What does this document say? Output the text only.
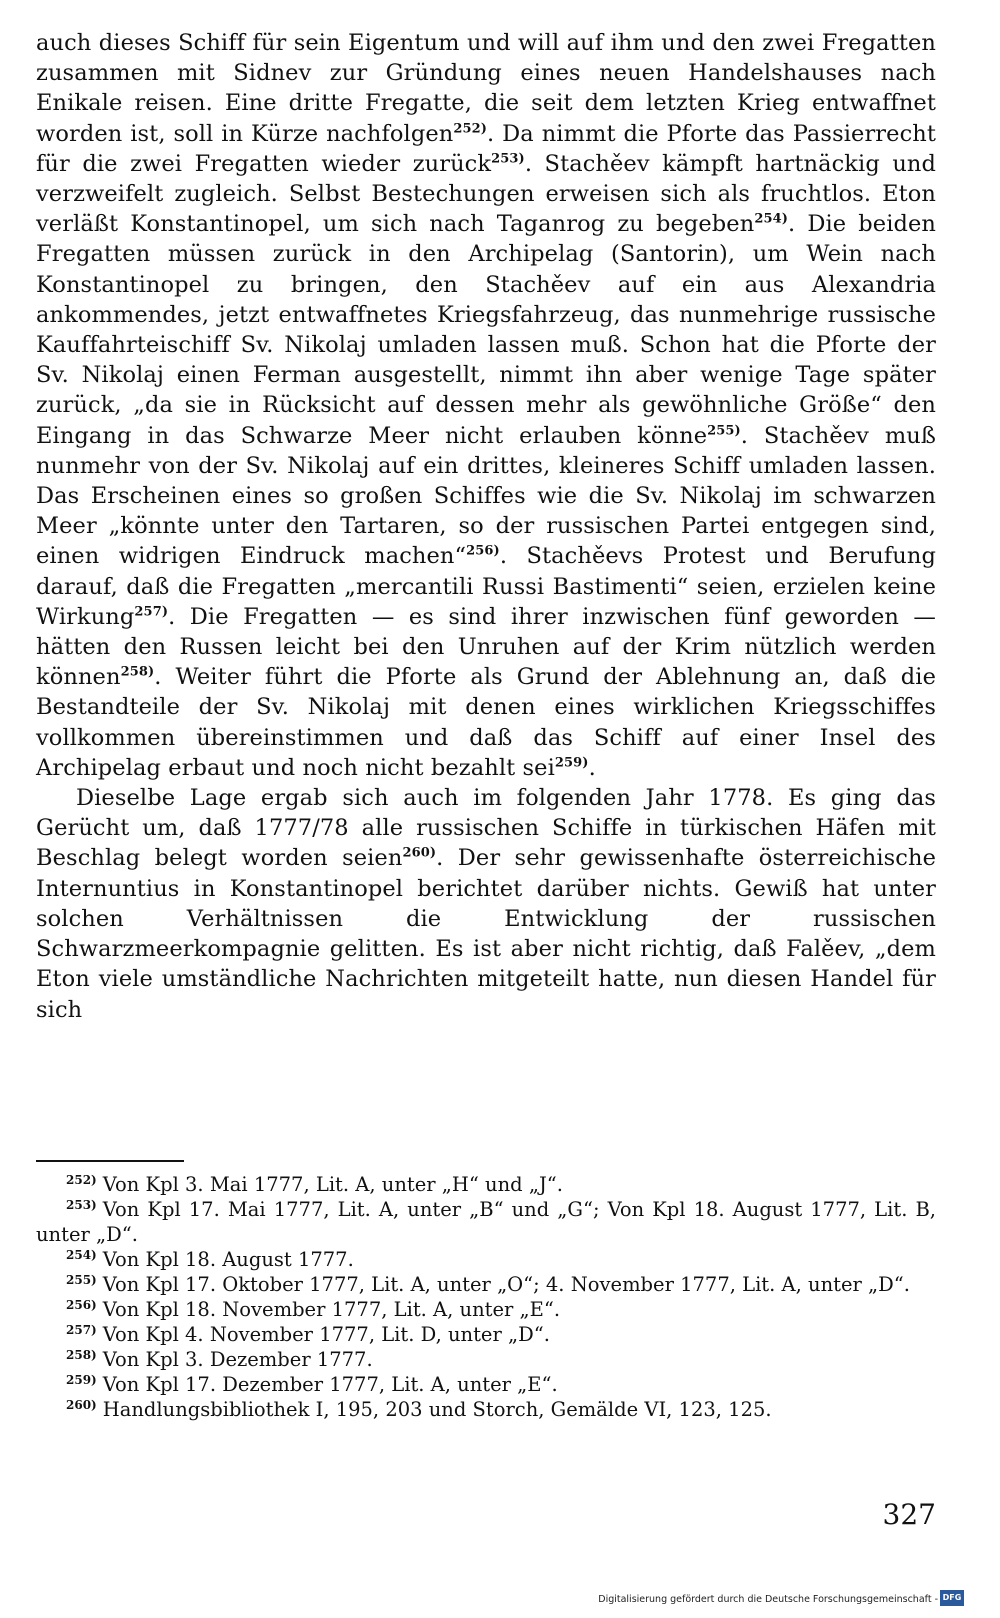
auch dieses Schiff für sein Eigentum und will auf ihm und den zwei Fregatten zusammen mit Sidnev zur Gründung eines neuen Handelshauses nach Enikale reisen. Eine dritte Fregatte, die seit dem letzten Krieg entwaffnet worden ist, soll in Kürze nachfolgen$^{252)}$. Da nimmt die Pforte das Passierrecht für die zwei Fregatten wieder zurück$^{253)}$. Stachěev kämpft hartnäckig und verzweifelt zugleich. Selbst Bestechungen erweisen sich als fruchtlos. Eton verläßt Konstantinopel, um sich nach Taganrog zu begeben$^{254)}$. Die beiden Fregatten müssen zurück in den Archipelag (Santorin), um Wein nach Konstantinopel zu bringen, den Stachěev auf ein aus Alexandria ankommendes, jetzt entwaffnetes Kriegsfahrzeug, das nunmehrige russische Kauffahrteischiff Sv. Nikolaj umladen lassen muß. Schon hat die Pforte der Sv. Nikolaj einen Ferman ausgestellt, nimmt ihn aber wenige Tage später zurück, „da sie in Rücksicht auf dessen mehr als gewöhnliche Größe“ den Eingang in das Schwarze Meer nicht erlauben könne$^{255)}$. Stachěev muß nunmehr von der Sv. Nikolaj auf ein drittes, kleineres Schiff umladen lassen. Das Erscheinen eines so großen Schiffes wie die Sv. Nikolaj im schwarzen Meer „könnte unter den Tartaren, so der russischen Partei entgegen sind, einen widrigen Eindruck machen“$^{256)}$. Stachěevs Protest und Berufung darauf, daß die Fregatten „mercantili Russi Bastimenti“ seien, erzielen keine Wirkung$^{257)}$. Die Fregatten — es sind ihrer inzwischen fünf geworden — hätten den Russen leicht bei den Unruhen auf der Krim nützlich werden können$^{258)}$. Weiter führt die Pforte als Grund der Ablehnung an, daß die Bestandteile der Sv. Nikolaj mit denen eines wirklichen Kriegsschiffes vollkommen übereinstimmen und daß das Schiff auf einer Insel des Archipelag erbaut und noch nicht bezahlt sei$^{259)}$.

Dieselbe Lage ergab sich auch im folgenden Jahr 1778. Es ging das Gerücht um, daß 1777/78 alle russischen Schiffe in türkischen Häfen mit Beschlag belegt worden seien$^{260)}$. Der sehr gewissenhafte österreichische Internuntius in Konstantinopel berichtet darüber nichts. Gewiß hat unter solchen Verhältnissen die Entwicklung der russischen Schwarzmeerkompagnie gelitten. Es ist aber nicht richtig, daß Falěev, „dem Eton viele umständliche Nachrichten mitgeteilt hatte, nun diesen Handel für sich

$^{252)}$ Von Kpl 3. Mai 1777, Lit. A, unter „H“ und „J“.

$^{253)}$ Von Kpl 17. Mai 1777, Lit. A, unter „B“ und „G“; Von Kpl 18. August 1777, Lit. B, unter „D“.

$^{254)}$ Von Kpl 18. August 1777.

$^{255)}$ Von Kpl 17. Oktober 1777, Lit. A, unter „O“; 4. November 1777, Lit. A, unter „D“.

$^{256)}$ Von Kpl 18. November 1777, Lit. A, unter „E“.

$^{257)}$ Von Kpl 4. November 1777, Lit. D, unter „D“.

$^{258)}$ Von Kpl 3. Dezember 1777.

$^{259)}$ Von Kpl 17. Dezember 1777, Lit. A, unter „E“.

$^{260)}$ Handlungsbibliothek I, 195, 203 und Storch, Gemälde VI, 123, 125.

327
Digitalisierung gefördert durch die Deutsche Forschungsgemeinschaft - DFG
